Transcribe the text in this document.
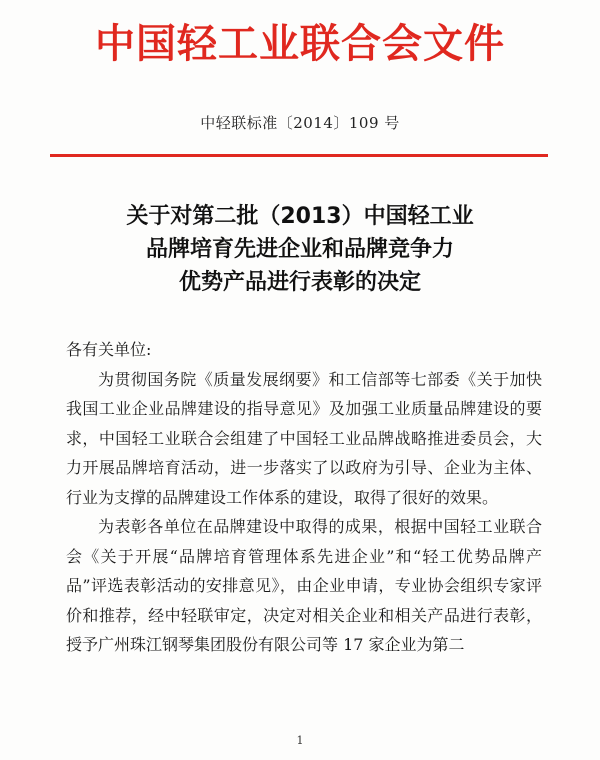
中国轻工业联合会文件
中轻联标准〔2014〕109 号
关于对第二批（2013）中国轻工业
品牌培育先进企业和品牌竞争力
优势产品进行表彰的决定
各有关单位:
为贯彻国务院《质量发展纲要》和工信部等七部委《关于加快我国工业企业品牌建设的指导意见》及加强工业质量品牌建设的要求，中国轻工业联合会组建了中国轻工业品牌战略推进委员会，大力开展品牌培育活动，进一步落实了以政府为引导、企业为主体、行业为支撑的品牌建设工作体系的建设，取得了很好的效果。
为表彰各单位在品牌建设中取得的成果，根据中国轻工业联合会《关于开展“品牌培育管理体系先进企业”和“轻工优势品牌产品”评选表彰活动的安排意见》，由企业申请，专业协会组织专家评价和推荐，经中轻联审定，决定对相关企业和相关产品进行表彰，授予广州珠江钢琴集团股份有限公司等 17 家企业为第二
1
